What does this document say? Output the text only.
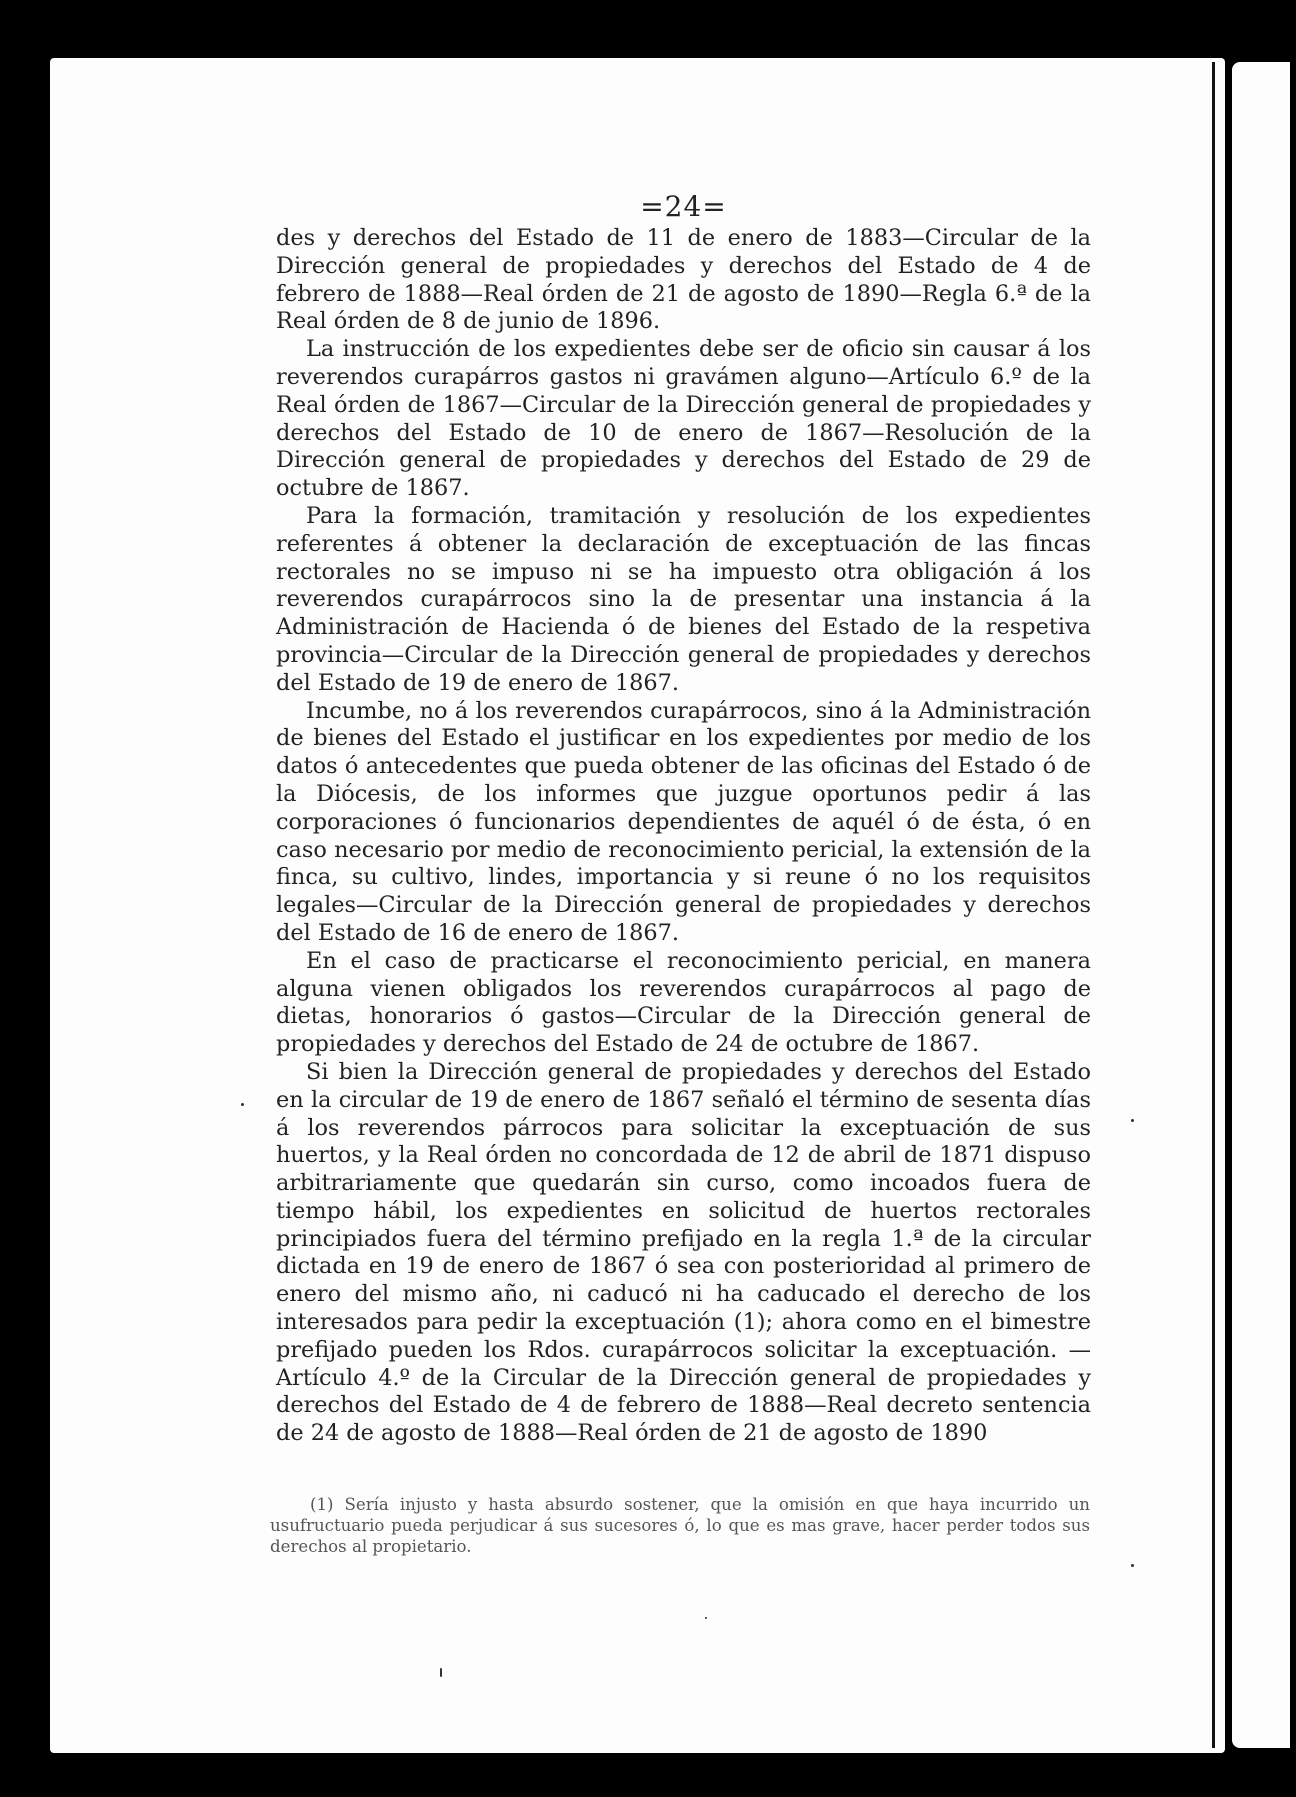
=24=

des y derechos del Estado de 11 de enero de 1883—Circular de la Dirección general de propiedades y derechos del Estado de 4 de febrero de 1888—Real órden de 21 de agosto de 1890—Regla 6.ª de la Real órden de 8 de junio de 1896.

La instrucción de los expedientes debe ser de oficio sin causar á los reverendos curapárros gastos ni gravámen alguno—Artículo 6.º de la Real órden de 1867—Circular de la Dirección general de propiedades y derechos del Estado de 10 de enero de 1867—Resolución de la Dirección general de propiedades y derechos del Estado de 29 de octubre de 1867.

Para la formación, tramitación y resolución de los expedientes referentes á obtener la declaración de exceptuación de las fincas rectorales no se impuso ni se ha impuesto otra obligación á los reverendos curapárrocos sino la de presentar una instancia á la Administración de Hacienda ó de bienes del Estado de la respetiva provincia—Circular de la Dirección general de propiedades y derechos del Estado de 19 de enero de 1867.

Incumbe, no á los reverendos curapárrocos, sino á la Administración de bienes del Estado el justificar en los expedientes por medio de los datos ó antecedentes que pueda obtener de las oficinas del Estado ó de la Diócesis, de los informes que juzgue oportunos pedir á las corporaciones ó funcionarios dependientes de aquél ó de ésta, ó en caso necesario por medio de reconocimiento pericial, la extensión de la finca, su cultivo, lindes, importancia y si reune ó no los requisitos legales—Circular de la Dirección general de propiedades y derechos del Estado de 16 de enero de 1867.

En el caso de practicarse el reconocimiento pericial, en manera alguna vienen obligados los reverendos curapárrocos al pago de dietas, honorarios ó gastos—Circular de la Dirección general de propiedades y derechos del Estado de 24 de octubre de 1867.

Si bien la Dirección general de propiedades y derechos del Estado en la circular de 19 de enero de 1867 señaló el término de sesenta días á los reverendos párrocos para solicitar la exceptuación de sus huertos, y la Real órden no concordada de 12 de abril de 1871 dispuso arbitrariamente que quedarán sin curso, como incoados fuera de tiempo hábil, los expedientes en solicitud de huertos rectorales principiados fuera del término prefijado en la regla 1.ª de la circular dictada en 19 de enero de 1867 ó sea con posterioridad al primero de enero del mismo año, ni caducó ni ha caducado el derecho de los interesados para pedir la exceptuación (1); ahora como en el bimestre prefijado pueden los Rdos. curapárrocos solicitar la exceptuación. —Artículo 4.º de la Circular de la Dirección general de propiedades y derechos del Estado de 4 de febrero de 1888—Real decreto sentencia de 24 de agosto de 1888—Real órden de 21 de agosto de 1890

(1) Sería injusto y hasta absurdo sostener, que la omisión en que haya incurrido un usufructuario pueda perjudicar á sus sucesores ó, lo que es mas grave, hacer perder todos sus derechos al propietario.
